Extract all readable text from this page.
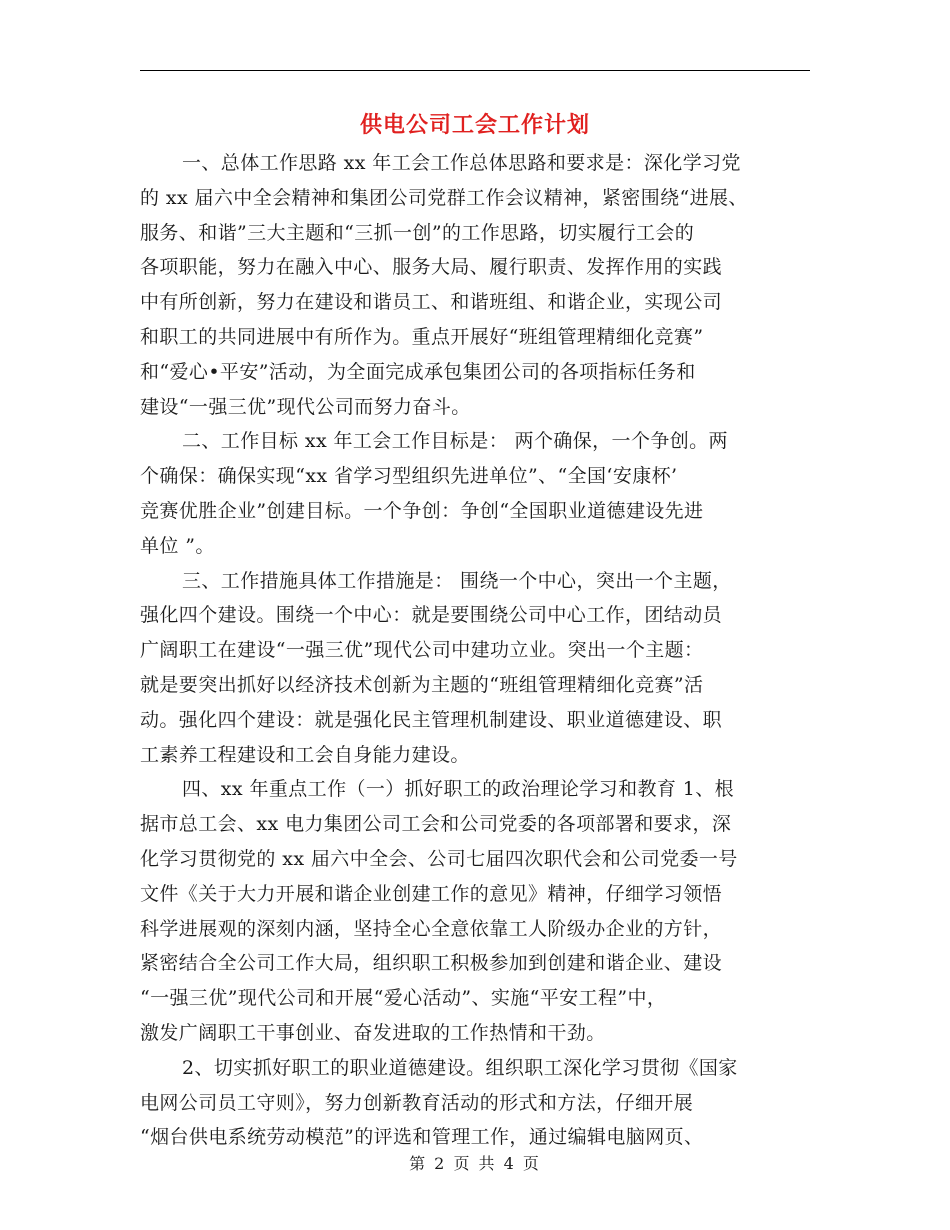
供电公司工会工作计划
一、总体工作思路 xx 年工会工作总体思路和要求是：深化学习党
的 xx 届六中全会精神和集团公司党群工作会议精神，紧密围绕“进展、
服务、和谐”三大主题和“三抓一创”的工作思路，切实履行工会的
各项职能，努力在融入中心、服务大局、履行职责、发挥作用的实践
中有所创新，努力在建设和谐员工、和谐班组、和谐企业，实现公司
和职工的共同进展中有所作为。重点开展好“班组管理精细化竞赛”
和“爱心•平安”活动，为全面完成承包集团公司的各项指标任务和
建设“一强三优”现代公司而努力奋斗。
二、工作目标 xx 年工会工作目标是： 两个确保，一个争创。两
个确保：确保实现“xx 省学习型组织先进单位”、“全国‘安康杯’
竞赛优胜企业”创建目标。一个争创：争创“全国职业道德建设先进
单位 ”。
三、工作措施具体工作措施是： 围绕一个中心，突出一个主题，
强化四个建设。围绕一个中心：就是要围绕公司中心工作，团结动员
广阔职工在建设“一强三优”现代公司中建功立业。突出一个主题：
就是要突出抓好以经济技术创新为主题的“班组管理精细化竞赛”活
动。强化四个建设：就是强化民主管理机制建设、职业道德建设、职
工素养工程建设和工会自身能力建设。
四、xx 年重点工作（一）抓好职工的政治理论学习和教育 1、根
据市总工会、xx 电力集团公司工会和公司党委的各项部署和要求，深
化学习贯彻党的 xx 届六中全会、公司七届四次职代会和公司党委一号
文件《关于大力开展和谐企业创建工作的意见》精神，仔细学习领悟
科学进展观的深刻内涵，坚持全心全意依靠工人阶级办企业的方针，
紧密结合全公司工作大局，组织职工积极参加到创建和谐企业、建设
“一强三优”现代公司和开展“爱心活动”、实施“平安工程”中，
激发广阔职工干事创业、奋发进取的工作热情和干劲。
2、切实抓好职工的职业道德建设。组织职工深化学习贯彻《国家
电网公司员工守则》，努力创新教育活动的形式和方法，仔细开展
“烟台供电系统劳动模范”的评选和管理工作，通过编辑电脑网页、
第 2 页 共 4 页
